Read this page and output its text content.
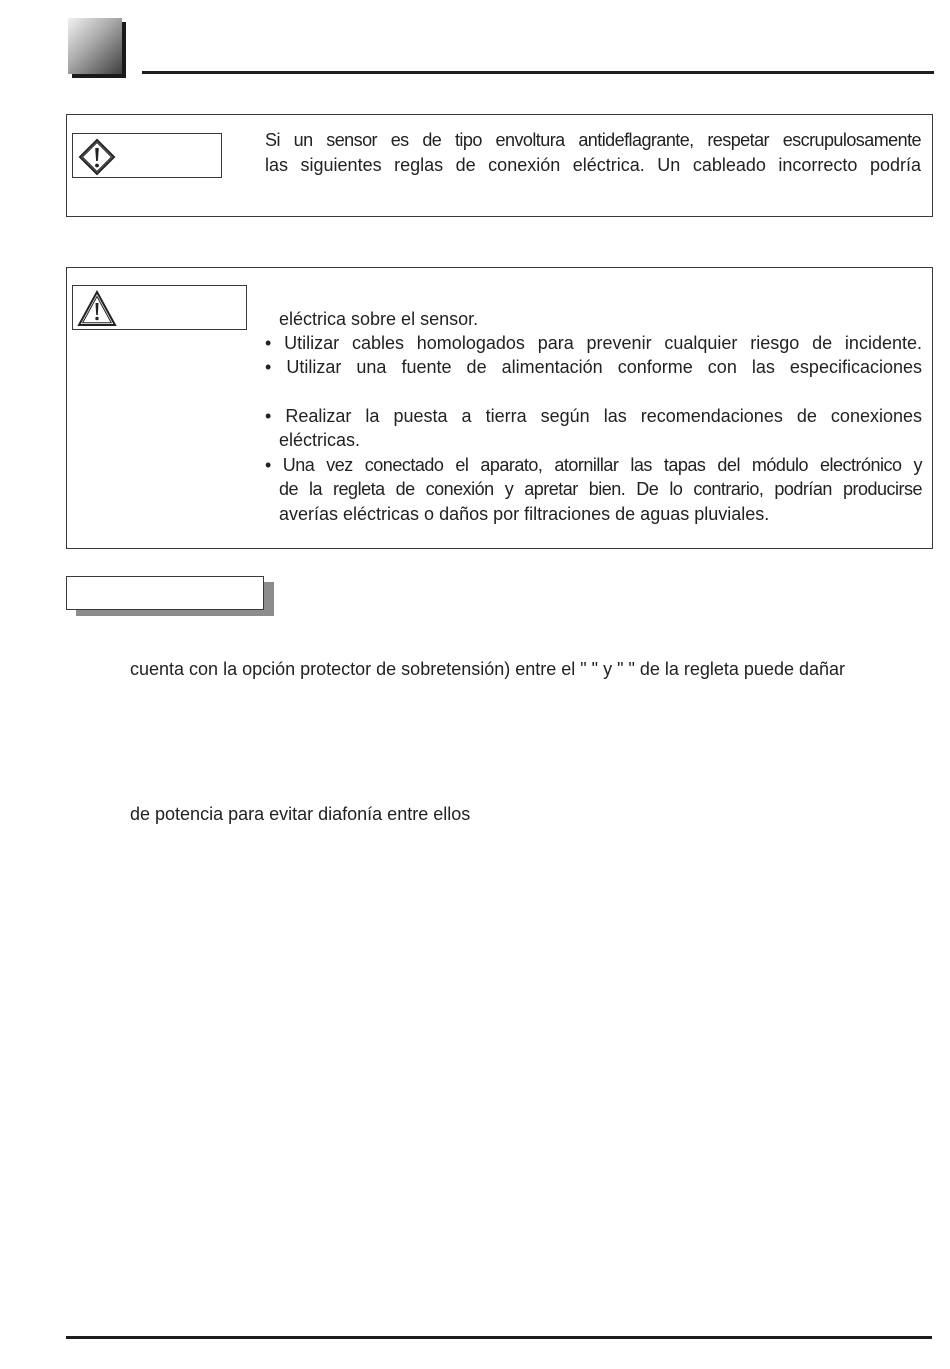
Si un sensor es de tipo envoltura antideflagrante, respetar escrupulosamente
las siguientes reglas de conexión eléctrica. Un cableado incorrecto podría
eléctrica sobre el sensor.
• Utilizar cables homologados para prevenir cualquier riesgo de incidente.
• Utilizar una fuente de alimentación conforme con las especificaciones
• Realizar la puesta a tierra según las recomendaciones de conexiones
eléctricas.
• Una vez conectado el aparato, atornillar las tapas del módulo electrónico y
de la regleta de conexión y apretar bien. De lo contrario, podrían producirse
averías eléctricas o daños por filtraciones de aguas pluviales.
cuenta con la opción protector de sobretensión) entre el " " y " " de la regleta puede dañar
de potencia para evitar diafonía entre ellos
